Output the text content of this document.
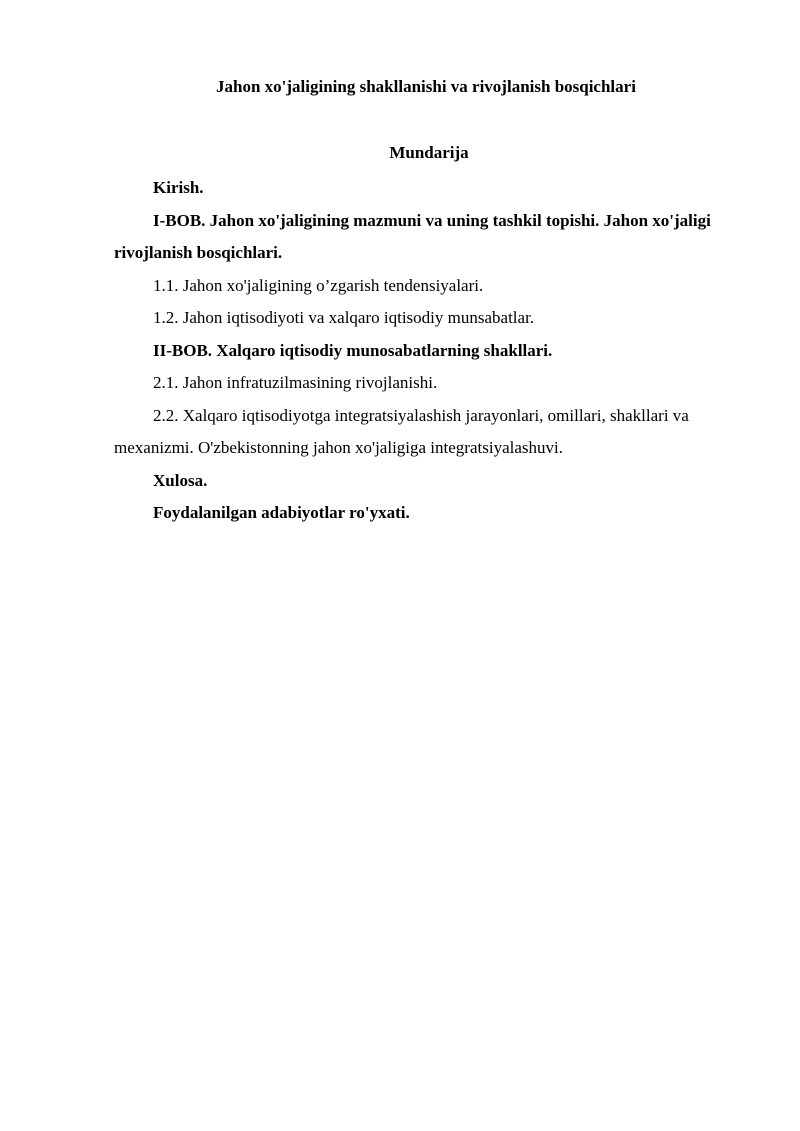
Jahon xo'jaligining shakllanishi va rivojlanish bosqichlari
Mundarija

Kirish.

I-BOB. Jahon xo'jaligining mazmuni va uning tashkil topishi. Jahon xo'jaligi rivojlanish bosqichlari.

1.1. Jahon xo'jaligining o’zgarish tendensiyalari.

1.2. Jahon iqtisodiyoti va xalqaro iqtisodiy munsabatlar.

II-BOB. Xalqaro iqtisodiy munosabatlarning shakllari.

2.1. Jahon infratuzilmasining rivojlanishi.

2.2. Xalqaro iqtisodiyotga integratsiyalashish jarayonlari, omillari, shakllari va mexanizmi. O'zbekistonning jahon xo'jaligiga integratsiyalashuvi.

Xulosa.

Foydalanilgan adabiyotlar ro'yxati.
